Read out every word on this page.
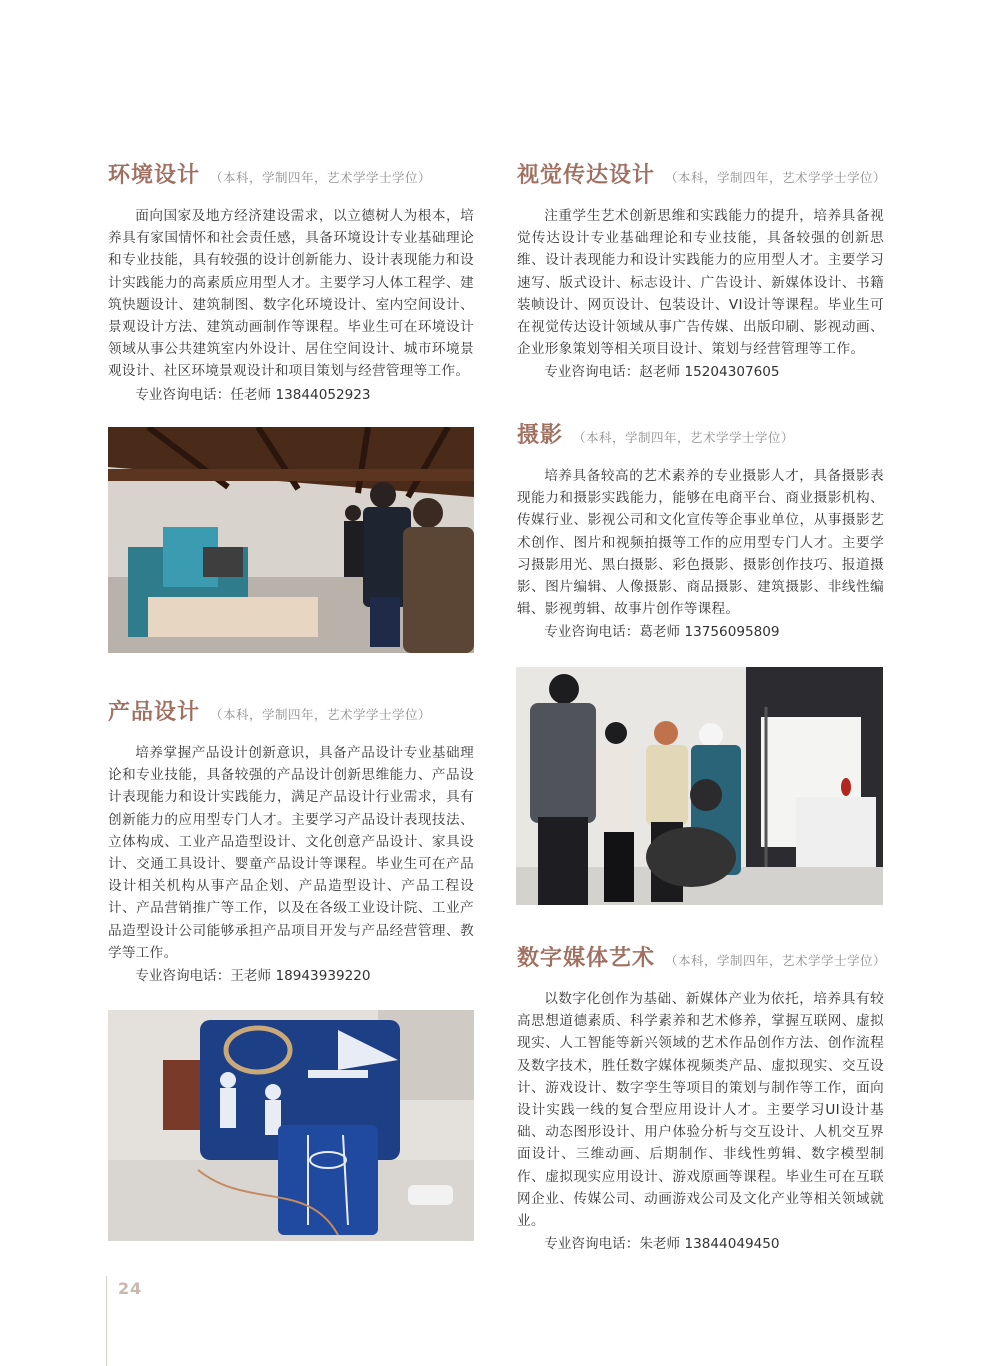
环境设计 （本科，学制四年，艺术学学士学位）
面向国家及地方经济建设需求，以立德树人为根本，培养具有家国情怀和社会责任感，具备环境设计专业基础理论和专业技能，具有较强的设计创新能力、设计表现能力和设计实践能力的高素质应用型人才。主要学习人体工程学、建筑快题设计、建筑制图、数字化环境设计、室内空间设计、景观设计方法、建筑动画制作等课程。毕业生可在环境设计领域从事公共建筑室内外设计、居住空间设计、城市环境景观设计、社区环境景观设计和项目策划与经营管理等工作。
专业咨询电话：任老师 13844052923
视觉传达设计 （本科，学制四年，艺术学学士学位）
注重学生艺术创新思维和实践能力的提升，培养具备视觉传达设计专业基础理论和专业技能，具备较强的创新思维、设计表现能力和设计实践能力的应用型人才。主要学习速写、版式设计、标志设计、广告设计、新媒体设计、书籍装帧设计、网页设计、包装设计、VI设计等课程。毕业生可在视觉传达设计领域从事广告传媒、出版印刷、影视动画、企业形象策划等相关项目设计、策划与经营管理等工作。
专业咨询电话：赵老师 15204307605
摄影 （本科，学制四年，艺术学学士学位）
培养具备较高的艺术素养的专业摄影人才，具备摄影表现能力和摄影实践能力，能够在电商平台、商业摄影机构、传媒行业、影视公司和文化宣传等企事业单位，从事摄影艺术创作、图片和视频拍摄等工作的应用型专门人才。主要学习摄影用光、黑白摄影、彩色摄影、摄影创作技巧、报道摄影、图片编辑、人像摄影、商品摄影、建筑摄影、非线性编辑、影视剪辑、故事片创作等课程。
专业咨询电话：葛老师 13756095809
产品设计 （本科，学制四年，艺术学学士学位）
培养掌握产品设计创新意识，具备产品设计专业基础理论和专业技能，具备较强的产品设计创新思维能力、产品设计表现能力和设计实践能力，满足产品设计行业需求，具有创新能力的应用型专门人才。主要学习产品设计表现技法、立体构成、工业产品造型设计、文化创意产品设计、家具设计、交通工具设计、婴童产品设计等课程。毕业生可在产品设计相关机构从事产品企划、产品造型设计、产品工程设计、产品营销推广等工作，以及在各级工业设计院、工业产品造型设计公司能够承担产品项目开发与产品经营管理、教学等工作。
专业咨询电话：王老师 18943939220
数字媒体艺术 （本科，学制四年，艺术学学士学位）
以数字化创作为基础、新媒体产业为依托，培养具有较高思想道德素质、科学素养和艺术修养，掌握互联网、虚拟现实、人工智能等新兴领域的艺术作品创作方法、创作流程及数字技术，胜任数字媒体视频类产品、虚拟现实、交互设计、游戏设计、数字孪生等项目的策划与制作等工作，面向设计实践一线的复合型应用设计人才。主要学习UI设计基础、动态图形设计、用户体验分析与交互设计、人机交互界面设计、三维动画、后期制作、非线性剪辑、数字模型制作、虚拟现实应用设计、游戏原画等课程。毕业生可在互联网企业、传媒公司、动画游戏公司及文化产业等相关领域就业。
专业咨询电话：朱老师 13844049450
24
